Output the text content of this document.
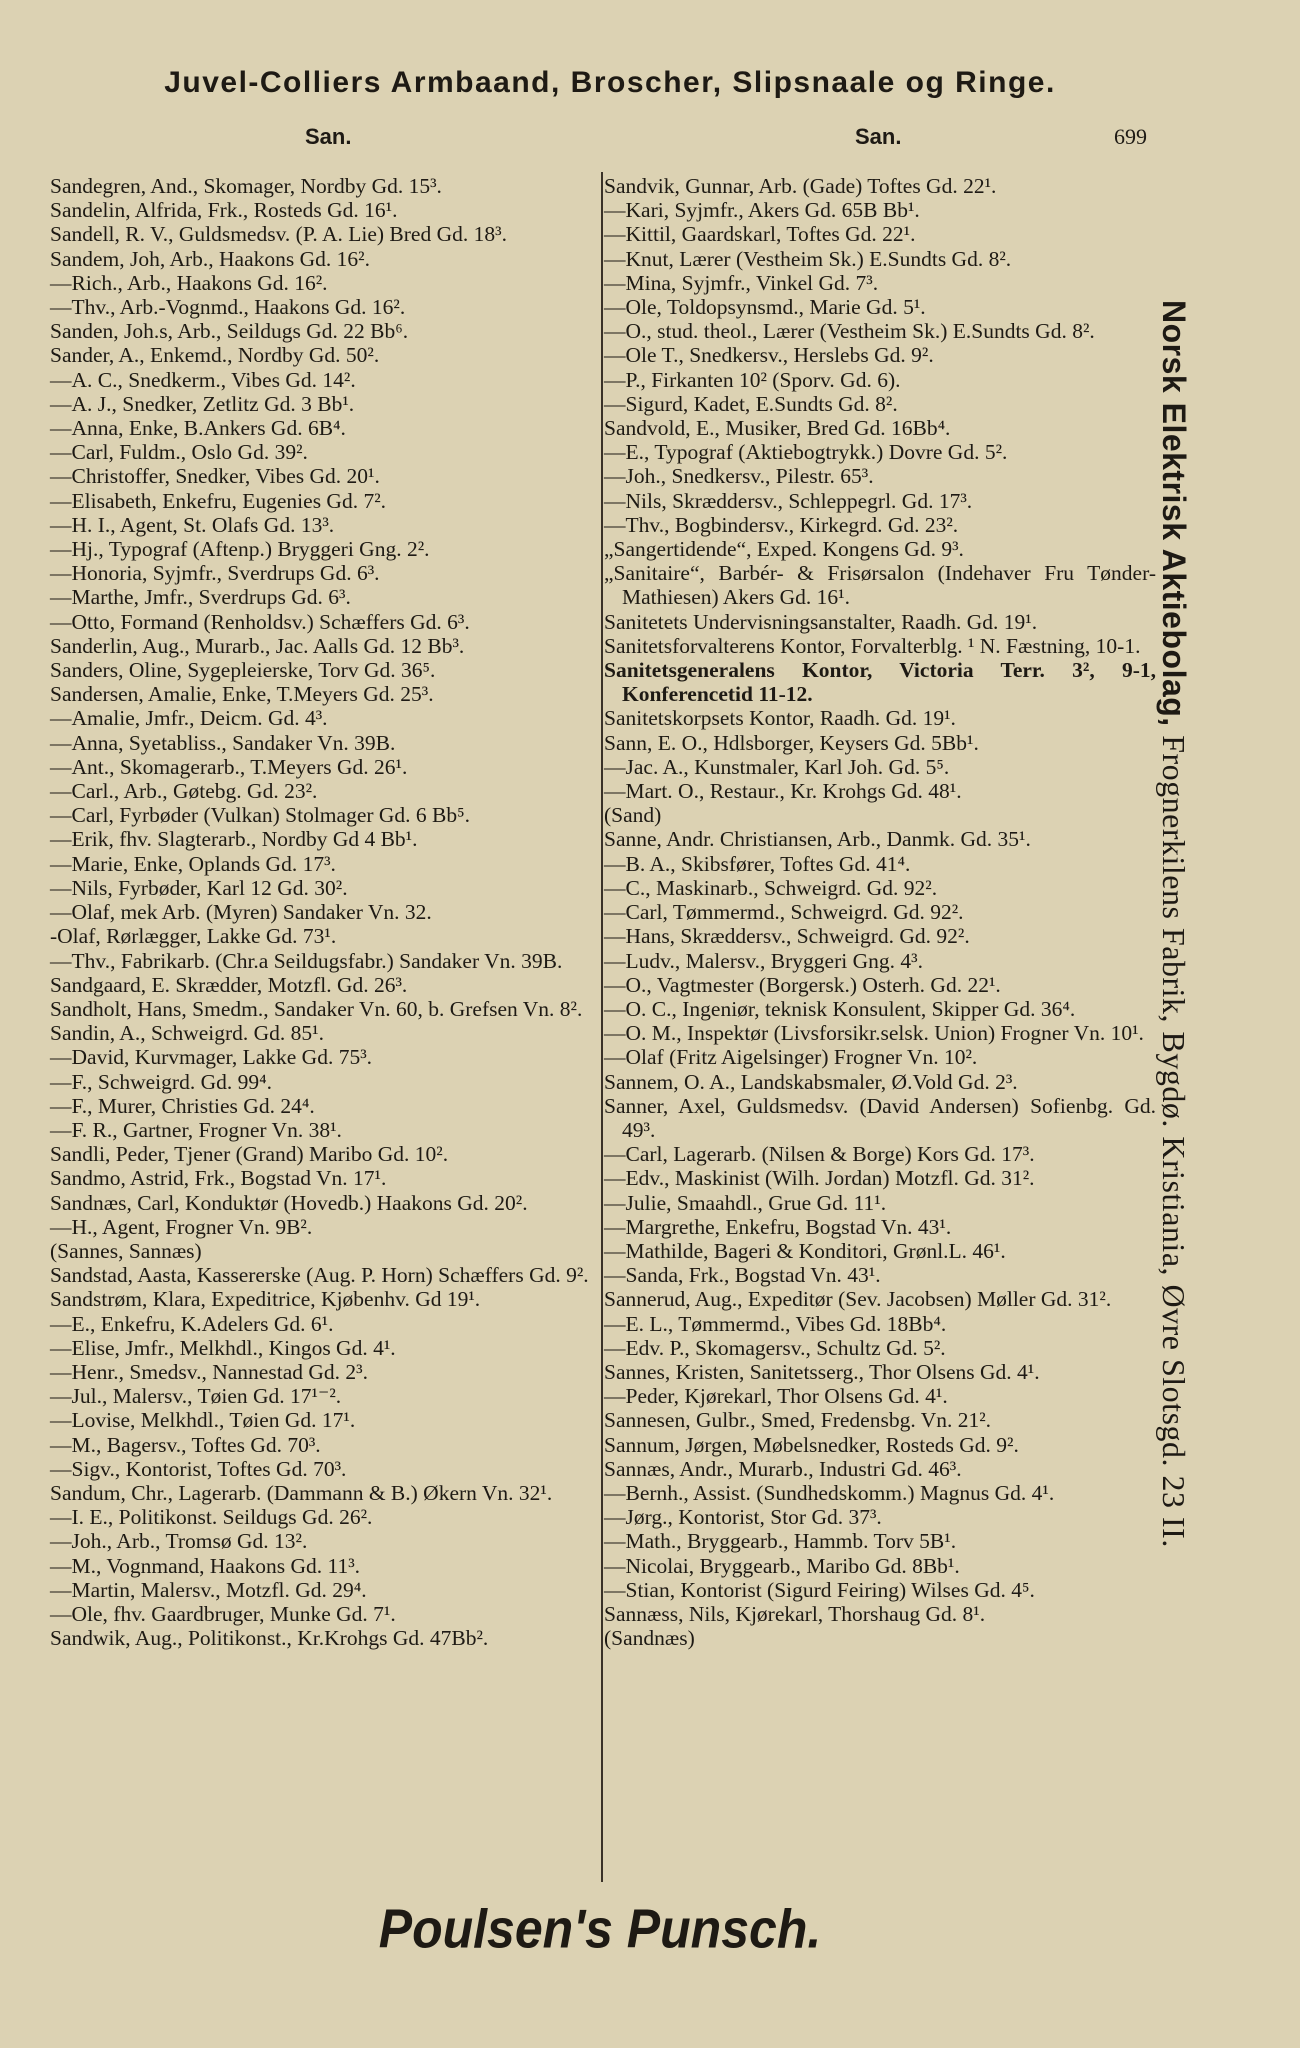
Juvel-Colliers Armbaand, Broscher, Slipsnaale og Ringe.
San.	San.	699
Sandegren, And., Skomager, Nordby Gd. 15³.
Sandelin, Alfrida, Frk., Rosteds Gd. 16¹.
Sandell, R. V., Guldsmedsv. (P. A. Lie) Bred Gd. 18³.
Sandem, Joh, Arb., Haakons Gd. 16².
—Rich., Arb., Haakons Gd. 16².
—Thv., Arb.-Vognmd., Haakons Gd. 16².
Sanden, Joh.s, Arb., Seildugs Gd. 22 Bb⁶.
Sander, A., Enkemd., Nordby Gd. 50².
—A. C., Snedkerm., Vibes Gd. 14².
—A. J., Snedker, Zetlitz Gd. 3 Bb¹.
—Anna, Enke, B.Ankers Gd. 6B⁴.
—Carl, Fuldm., Oslo Gd. 39².
—Christoffer, Snedker, Vibes Gd. 20¹.
—Elisabeth, Enkefru, Eugenies Gd. 7².
—H. I., Agent, St. Olafs Gd. 13³.
—Hj., Typograf (Aftenp.) Bryggeri Gng. 2².
—Honoria, Syjmfr., Sverdrups Gd. 6³.
—Marthe, Jmfr., Sverdrups Gd. 6³.
—Otto, Formand (Renholdsv.) Schæffers Gd. 6³.
Sanderlin, Aug., Murarb., Jac. Aalls Gd. 12 Bb³.
Sanders, Oline, Sygepleierske, Torv Gd. 36⁵.
Sandersen, Amalie, Enke, T.Meyers Gd. 25³.
—Amalie, Jmfr., Deicm. Gd. 4³.
—Anna, Syetabliss., Sandaker Vn. 39B.
—Ant., Skomagerarb., T.Meyers Gd. 26¹.
—Carl., Arb., Gøtebg. Gd. 23².
—Carl, Fyrbøder (Vulkan) Stolmager Gd. 6 Bb⁵.
—Erik, fhv. Slagterarb., Nordby Gd 4 Bb¹.
—Marie, Enke, Oplands Gd. 17³.
—Nils, Fyrbøder, Karl 12 Gd. 30².
—Olaf, mek Arb. (Myren) Sandaker Vn. 32.
-Olaf, Rørlægger, Lakke Gd. 73¹.
—Thv., Fabrikarb. (Chr.a Seildugsfabr.) Sandaker Vn. 39B.
Sandgaard, E. Skrædder, Motzfl. Gd. 26³.
Sandholt, Hans, Smedm., Sandaker Vn. 60, b. Grefsen Vn. 8².
Sandin, A., Schweigrd. Gd. 85¹.
—David, Kurvmager, Lakke Gd. 75³.
—F., Schweigrd. Gd. 99⁴.
—F., Murer, Christies Gd. 24⁴.
—F. R., Gartner, Frogner Vn. 38¹.
Sandli, Peder, Tjener (Grand) Maribo Gd. 10².
Sandmo, Astrid, Frk., Bogstad Vn. 17¹.
Sandnæs, Carl, Konduktør (Hovedb.) Haakons Gd. 20².
—H., Agent, Frogner Vn. 9B².
(Sannes, Sannæs)
Sandstad, Aasta, Kassererske (Aug. P. Horn) Schæffers Gd. 9².
Sandstrøm, Klara, Expeditrice, Kjøbenhv. Gd 19¹.
—E., Enkefru, K.Adelers Gd. 6¹.
—Elise, Jmfr., Melkhdl., Kingos Gd. 4¹.
—Henr., Smedsv., Nannestad Gd. 2³.
—Jul., Malersv., Tøien Gd. 17¹⁻².
—Lovise, Melkhdl., Tøien Gd. 17¹.
—M., Bagersv., Toftes Gd. 70³.
—Sigv., Kontorist, Toftes Gd. 70³.
Sandum, Chr., Lagerarb. (Dammann & B.) Økern Vn. 32¹.
—I. E., Politikonst. Seildugs Gd. 26².
—Joh., Arb., Tromsø Gd. 13².
—M., Vognmand, Haakons Gd. 11³.
—Martin, Malersv., Motzfl. Gd. 29⁴.
—Ole, fhv. Gaardbruger, Munke Gd. 7¹.
Sandwik, Aug., Politikonst., Kr.Krohgs Gd. 47Bb².
Sandvik, Gunnar, Arb. (Gade) Toftes Gd. 22¹.
—Kari, Syjmfr., Akers Gd. 65B Bb¹.
—Kittil, Gaardskarl, Toftes Gd. 22¹.
—Knut, Lærer (Vestheim Sk.) E.Sundts Gd. 8².
—Mina, Syjmfr., Vinkel Gd. 7³.
—Ole, Toldopsynsmd., Marie Gd. 5¹.
—O., stud. theol., Lærer (Vestheim Sk.) E.Sundts Gd. 8².
—Ole T., Snedkersv., Herslebs Gd. 9².
—P., Firkanten 10² (Sporv. Gd. 6).
—Sigurd, Kadet, E.Sundts Gd. 8².
Sandvold, E., Musiker, Bred Gd. 16Bb⁴.
—E., Typograf (Aktiebogtrykk.) Dovre Gd. 5².
—Joh., Snedkersv., Pilestr. 65³.
—Nils, Skræddersv., Schleppegrl. Gd. 17³.
—Thv., Bogbindersv., Kirkegrd. Gd. 23².
„Sangertidende“, Exped. Kongens Gd. 9³.
„Sanitaire“, Barbér- & Frisørsalon (Indehaver Fru Tønder-Mathiesen) Akers Gd. 16¹.
Sanitetets Undervisningsanstalter, Raadh. Gd. 19¹.
Sanitetsforvalterens Kontor, Forvalterblg. ¹ N. Fæstning, 10-1.
Sanitetsgeneralens Kontor, Victoria Terr. 3², 9-1, Konferencetid 11-12.
Sanitetskorpsets Kontor, Raadh. Gd. 19¹.
Sann, E. O., Hdlsborger, Keysers Gd. 5Bb¹.
—Jac. A., Kunstmaler, Karl Joh. Gd. 5⁵.
—Mart. O., Restaur., Kr. Krohgs Gd. 48¹.
(Sand)
Sanne, Andr. Christiansen, Arb., Danmk. Gd. 35¹.
—B. A., Skibsfører, Toftes Gd. 41⁴.
—C., Maskinarb., Schweigrd. Gd. 92².
—Carl, Tømmermd., Schweigrd. Gd. 92².
—Hans, Skræddersv., Schweigrd. Gd. 92².
—Ludv., Malersv., Bryggeri Gng. 4³.
—O., Vagtmester (Borgersk.) Osterh. Gd. 22¹.
—O. C., Ingeniør, teknisk Konsulent, Skipper Gd. 36⁴.
—O. M., Inspektør (Livsforsikr.selsk. Union) Frogner Vn. 10¹.
—Olaf (Fritz Aigelsinger) Frogner Vn. 10².
Sannem, O. A., Landskabsmaler, Ø.Vold Gd. 2³.
Sanner, Axel, Guldsmedsv. (David Andersen) Sofienbg. Gd. 49³.
—Carl, Lagerarb. (Nilsen & Borge) Kors Gd. 17³.
—Edv., Maskinist (Wilh. Jordan) Motzfl. Gd. 31².
—Julie, Smaahdl., Grue Gd. 11¹.
—Margrethe, Enkefru, Bogstad Vn. 43¹.
—Mathilde, Bageri & Konditori, Grønl.L. 46¹.
—Sanda, Frk., Bogstad Vn. 43¹.
Sannerud, Aug., Expeditør (Sev. Jacobsen) Møller Gd. 31².
—E. L., Tømmermd., Vibes Gd. 18Bb⁴.
—Edv. P., Skomagersv., Schultz Gd. 5².
Sannes, Kristen, Sanitetsserg., Thor Olsens Gd. 4¹.
—Peder, Kjørekarl, Thor Olsens Gd. 4¹.
Sannesen, Gulbr., Smed, Fredensbg. Vn. 21².
Sannum, Jørgen, Møbelsnedker, Rosteds Gd. 9².
Sannæs, Andr., Murarb., Industri Gd. 46³.
—Bernh., Assist. (Sundhedskomm.) Magnus Gd. 4¹.
—Jørg., Kontorist, Stor Gd. 37³.
—Math., Bryggearb., Hammb. Torv 5B¹.
—Nicolai, Bryggearb., Maribo Gd. 8Bb¹.
—Stian, Kontorist (Sigurd Feiring) Wilses Gd. 4⁵.
Sannæss, Nils, Kjørekarl, Thorshaug Gd. 8¹.
(Sandnæs)
Norsk Elektrisk Aktiebolag, Frognerkilens Fabrik, Bygdø. Kristiania, Øvre Slotsgd. 23 II.
Poulsen's Punsch.
